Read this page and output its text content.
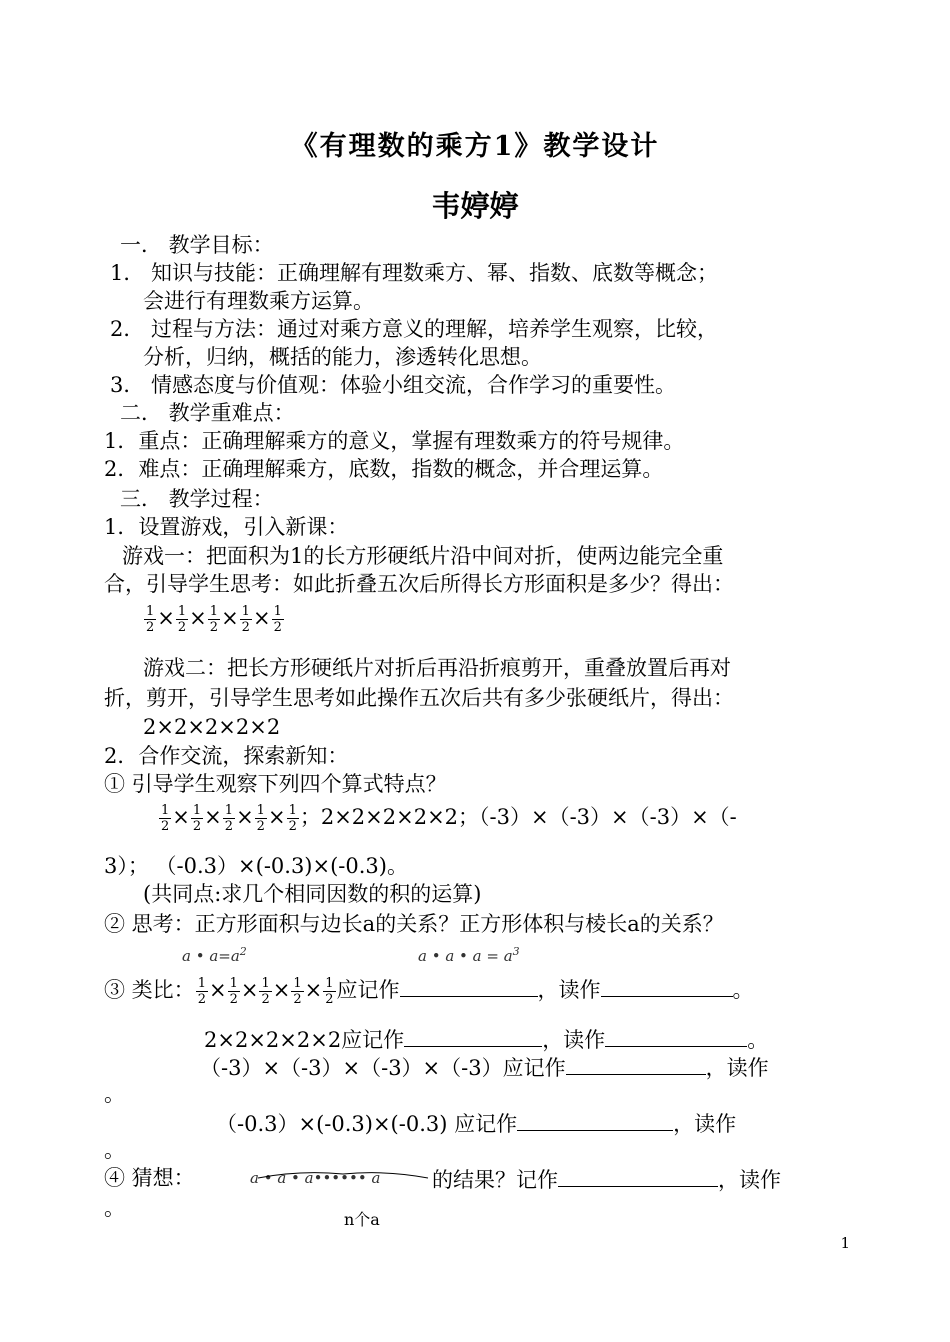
《有理数的乘方1》教学设计
韦婷婷
一． 教学目标：
1． 知识与技能：正确理解有理数乘方、幂、指数、底数等概念；
会进行有理数乘方运算。
2． 过程与方法：通过对乘方意义的理解，培养学生观察，比较，
分析，归纳，概括的能力，渗透转化思想。
3． 情感态度与价值观：体验小组交流，合作学习的重要性。
二． 教学重难点：
1．重点：正确理解乘方的意义，掌握有理数乘方的符号规律。
2．难点：正确理解乘方，底数，指数的概念，并合理运算。
三． 教学过程：
1．设置游戏，引入新课：
游戏一：把面积为1的长方形硬纸片沿中间对折，使两边能完全重
合，引导学生思考：如此折叠五次后所得长方形面积是多少？得出：
$\frac{1}{2} \times \frac{1}{2} \times \frac{1}{2} \times \frac{1}{2} \times \frac{1}{2}$
游戏二：把长方形硬纸片对折后再沿折痕剪开，重叠放置后再对
折，剪开，引导学生思考如此操作五次后共有多少张硬纸片，得出：
2×2×2×2×2
2．合作交流，探索新知：
① 引导学生观察下列四个算式特点？
$\frac{1}{2} \times \frac{1}{2} \times \frac{1}{2} \times \frac{1}{2} \times \frac{1}{2}$ ；2×2×2×2×2；（-3）×（-3）×（-3）×（-
3）； （-0.3）×(-0.3)×(-0.3)。
(共同点:求几个相同因数的积的运算)
② 思考：正方形面积与边长a的关系？正方形体积与棱长a的关系？
a • $a=a^2$	a • a • $a = a^3$
③ 类比： $\frac{1}{2} \times \frac{1}{2} \times \frac{1}{2} \times \frac{1}{2} \times \frac{1}{2}$ 应记作	，读作	。
2×2×2×2×2应记作	，读作	。
（-3）×（-3）×（-3）×（-3）应记作	，读作
。
（-0.3）×(-0.3)×(-0.3) 应记作	，读作
。
④ 猜想：	a • a • a•••••• a 的结果？记作	，读作
。	n个a
1
